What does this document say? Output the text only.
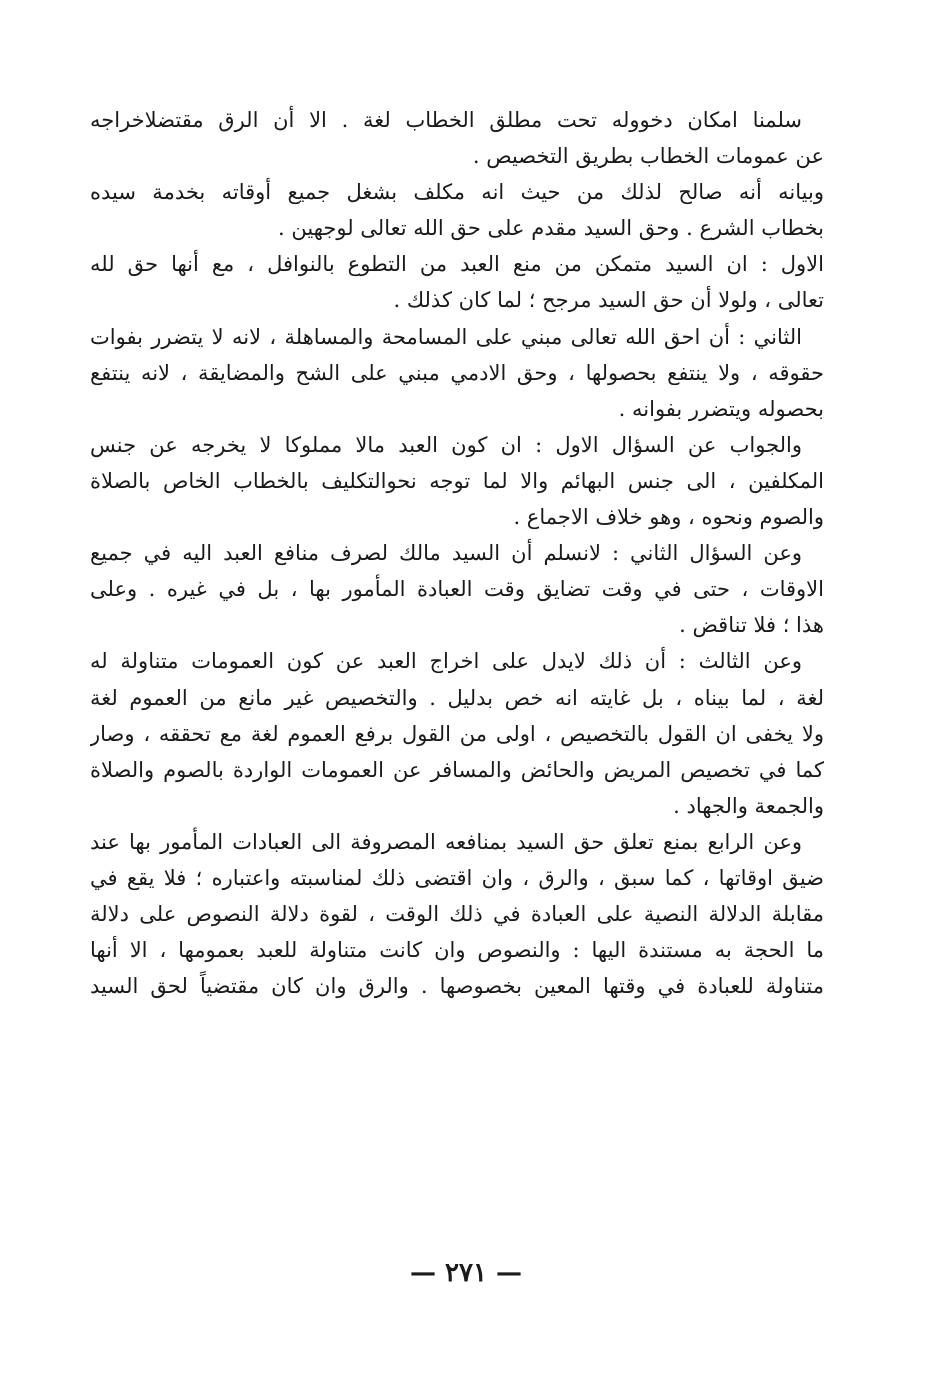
سلمنا امكان دخووله تحت مطلق الخطاب لغة . الا أن الرق مقتضلاخراجه
عن عمومات الخطاب بطريق التخصيص .
وبيانه أنه صالح لذلك من حيث انه مكلف بشغل جميع أوقاته بخدمة سيده
بخطاب الشرع . وحق السيد مقدم على حق الله تعالى لوجهين .
الاول : ان السيد متمكن من منع العبد من التطوع بالنوافل ، مع أنها حق لله
تعالى ، ولولا أن حق السيد مرجح ؛ لما كان كذلك .
الثاني : أن احق الله تعالى مبني على المسامحة والمساهلة ، لانه لا يتضرر بفوات
حقوقه ، ولا ينتفع بحصولها ، وحق الادمي مبني على الشح والمضايقة ، لانه ينتفع
بحصوله ويتضرر بفوانه .
والجواب عن السؤال الاول : ان كون العبد مالا مملوكا لا يخرجه عن جنس
المكلفين ، الى جنس البهائم والا لما توجه نحوالتكليف بالخطاب الخاص بالصلاة
والصوم ونحوه ، وهو خلاف الاجماع .
وعن السؤال الثاني : لانسلم أن السيد مالك لصرف منافع العبد اليه في جميع
الاوقات ، حتى في وقت تضايق وقت العبادة المأمور بها ، بل في غيره . وعلى
هذا ؛ فلا تناقض .
وعن الثالث : أن ذلك لايدل على اخراج العبد عن كون العمومات متناولة له
لغة ، لما بيناه ، بل غايته انه خص بدليل . والتخصيص غير مانع من العموم لغة
ولا يخفى ان القول بالتخصيص ، اولى من القول برفع العموم لغة مع تحققه ، وصار
كما في تخصيص المريض والحائض والمسافر عن العمومات الواردة بالصوم والصلاة
والجمعة والجهاد .
وعن الرابع بمنع تعلق حق السيد بمنافعه المصروفة الى العبادات المأمور بها عند
ضيق اوقاتها ، كما سبق ، والرق ، وان اقتضى ذلك لمناسبته واعتباره ؛ فلا يقع في
مقابلة الدلالة النصية على العبادة في ذلك الوقت ، لقوة دلالة النصوص على دلالة
ما الحجة به مستندة اليها : والنصوص وان كانت متناولة للعبد بعمومها ، الا أنها
متناولة للعبادة في وقتها المعين بخصوصها . والرق وان كان مقتضياً لحق السيد
— ٢٧١ —
